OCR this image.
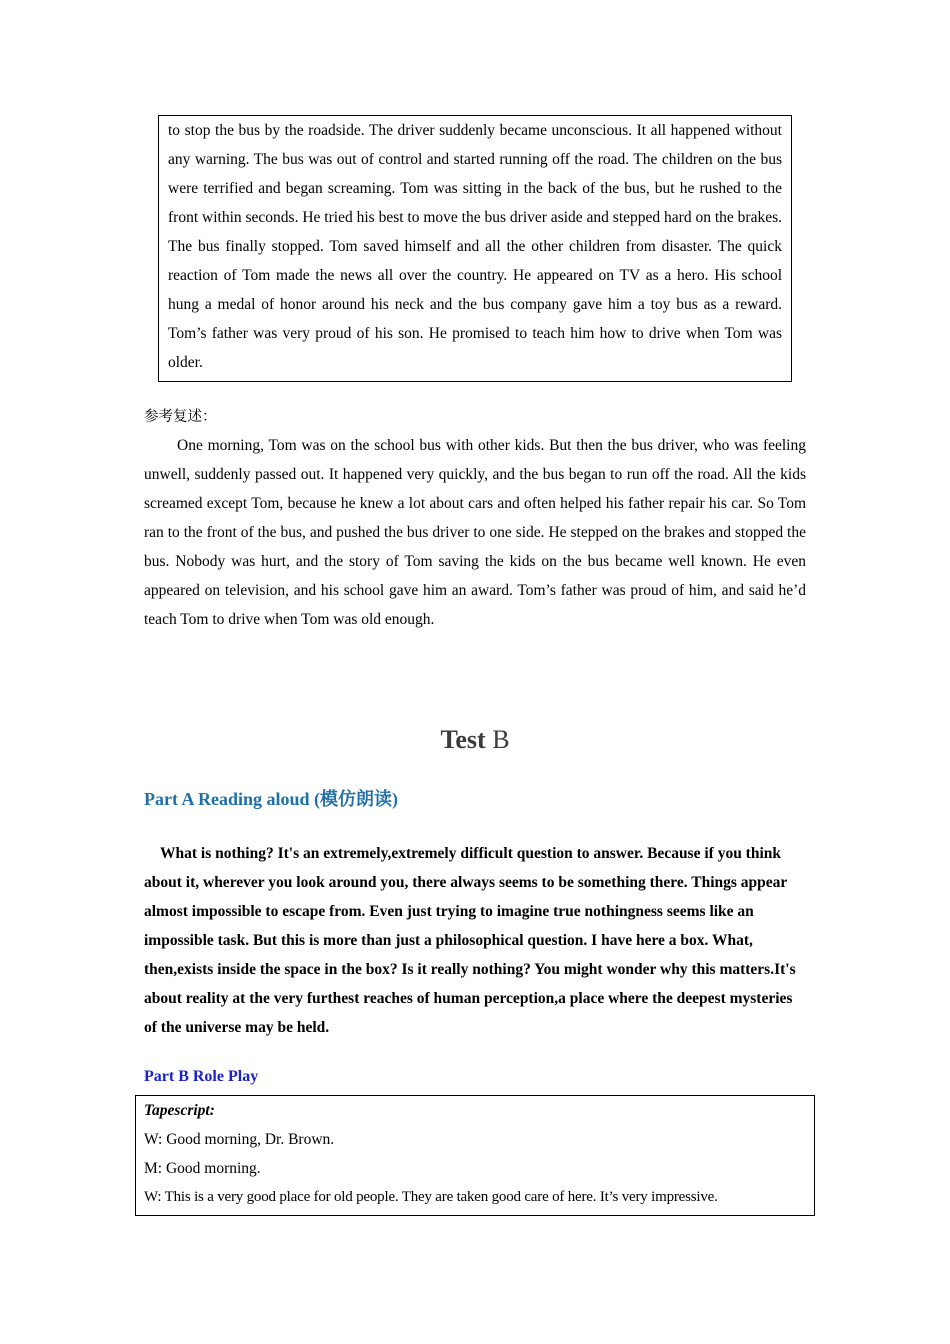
to stop the bus by the roadside. The driver suddenly became unconscious. It all happened without any warning. The bus was out of control and started running off the road. The children on the bus were terrified and began screaming. Tom was sitting in the back of the bus, but he rushed to the front within seconds. He tried his best to move the bus driver aside and stepped hard on the brakes. The bus finally stopped. Tom saved himself and all the other children from disaster. The quick reaction of Tom made the news all over the country. He appeared on TV as a hero. His school hung a medal of honor around his neck and the bus company gave him a toy bus as a reward. Tom’s father was very proud of his son. He promised to teach him how to drive when Tom was older.
参考复述：

One morning, Tom was on the school bus with other kids. But then the bus driver, who was feeling unwell, suddenly passed out. It happened very quickly, and the bus began to run off the road. All the kids screamed except Tom, because he knew a lot about cars and often helped his father repair his car. So Tom ran to the front of the bus, and pushed the bus driver to one side. He stepped on the brakes and stopped the bus. Nobody was hurt, and the story of Tom saving the kids on the bus became well known. He even appeared on television, and his school gave him an award. Tom’s father was proud of him, and said he’d teach Tom to drive when Tom was old enough.

Test B
Part A Reading aloud (模仿朗读)

What is nothing? It's an extremely,extremely difficult question to answer. Because if you think about it, wherever you look around you, there always seems to be something there. Things appear almost impossible to escape from. Even just trying to imagine true nothingness seems like an impossible task. But this is more than just a philosophical question. I have here a box. What, then,exists inside the space in the box? Is it really nothing? You might wonder why this matters.It's about reality at the very furthest reaches of human perception,a place where the deepest mysteries of the universe may be held.

Part B Role Play
Tapescript:
W: Good morning, Dr. Brown.
M: Good morning.
W: This is a very good place for old people. They are taken good care of here. It’s very impressive.
